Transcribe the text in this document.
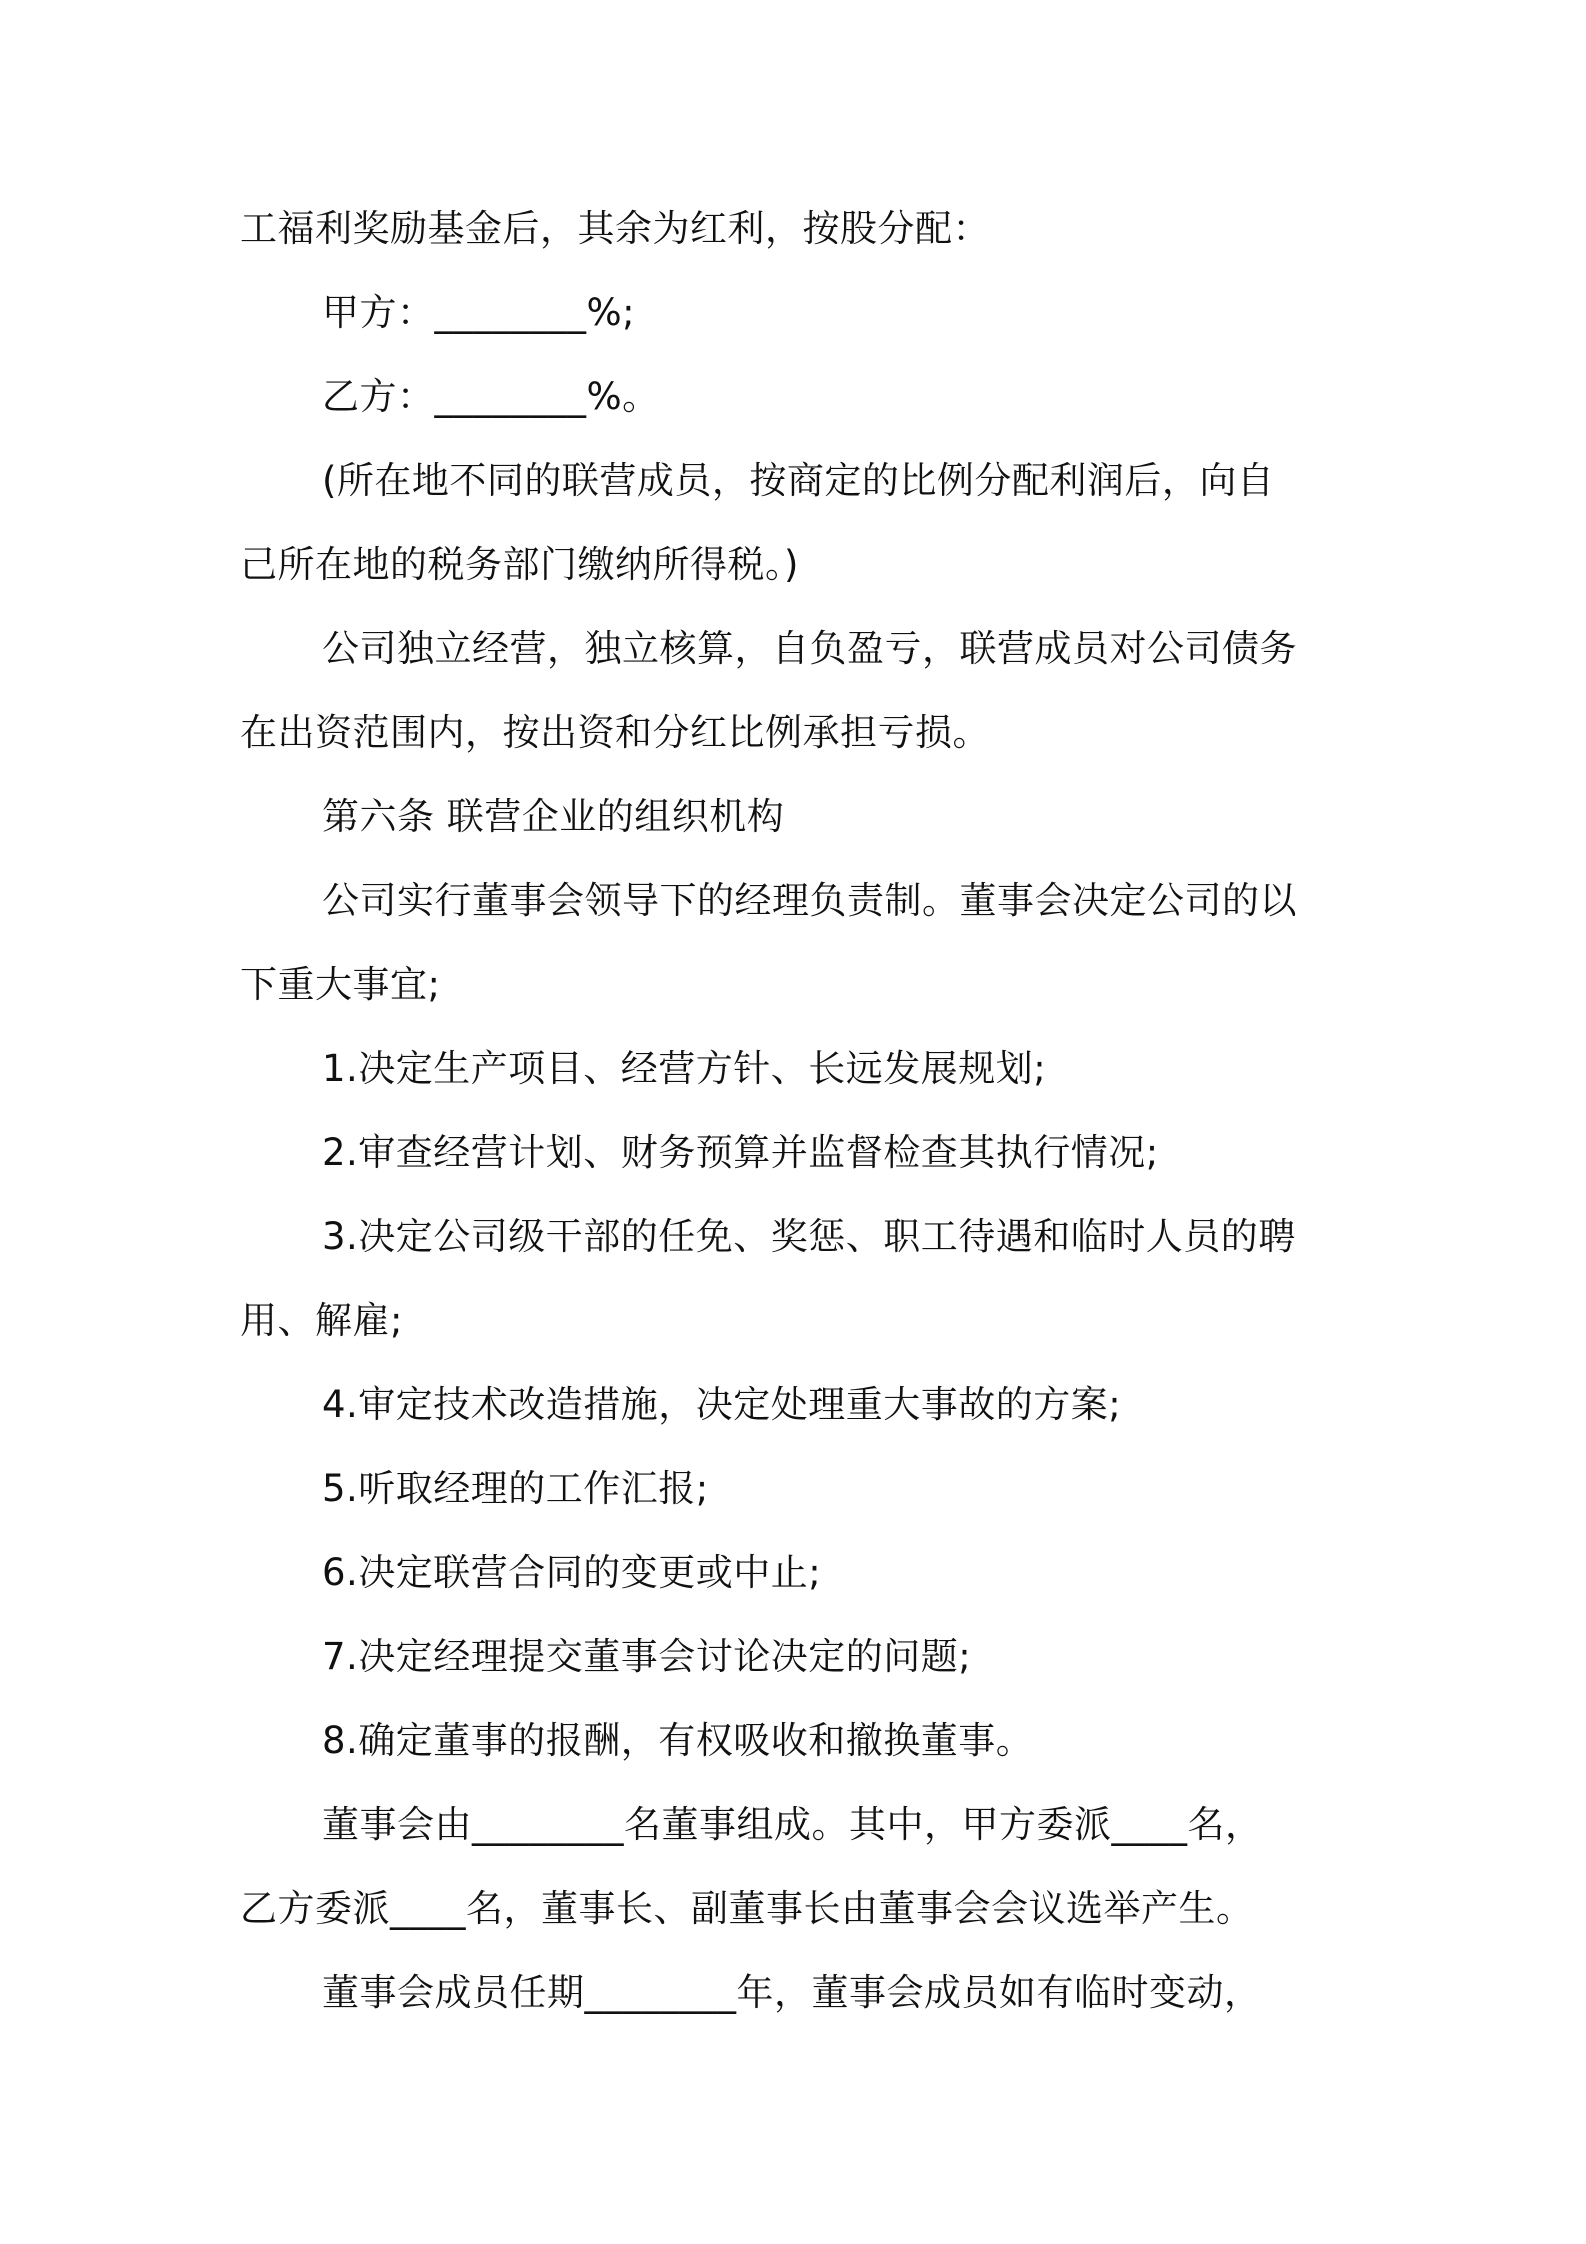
工福利奖励基金后，其余为红利，按股分配：
甲方：________%;
乙方：________%。
(所在地不同的联营成员，按商定的比例分配利润后，向自
己所在地的税务部门缴纳所得税。)
公司独立经营，独立核算，自负盈亏，联营成员对公司债务
在出资范围内，按出资和分红比例承担亏损。
第六条 联营企业的组织机构
公司实行董事会领导下的经理负责制。董事会决定公司的以
下重大事宜;
1.决定生产项目、经营方针、长远发展规划;
2.审查经营计划、财务预算并监督检查其执行情况;
3.决定公司级干部的任免、奖惩、职工待遇和临时人员的聘
用、解雇;
4.审定技术改造措施，决定处理重大事故的方案;
5.听取经理的工作汇报;
6.决定联营合同的变更或中止;
7.决定经理提交董事会讨论决定的问题;
8.确定董事的报酬，有权吸收和撤换董事。
董事会由________名董事组成。其中，甲方委派____名，
乙方委派____名，董事长、副董事长由董事会会议选举产生。
董事会成员任期________年，董事会成员如有临时变动，
